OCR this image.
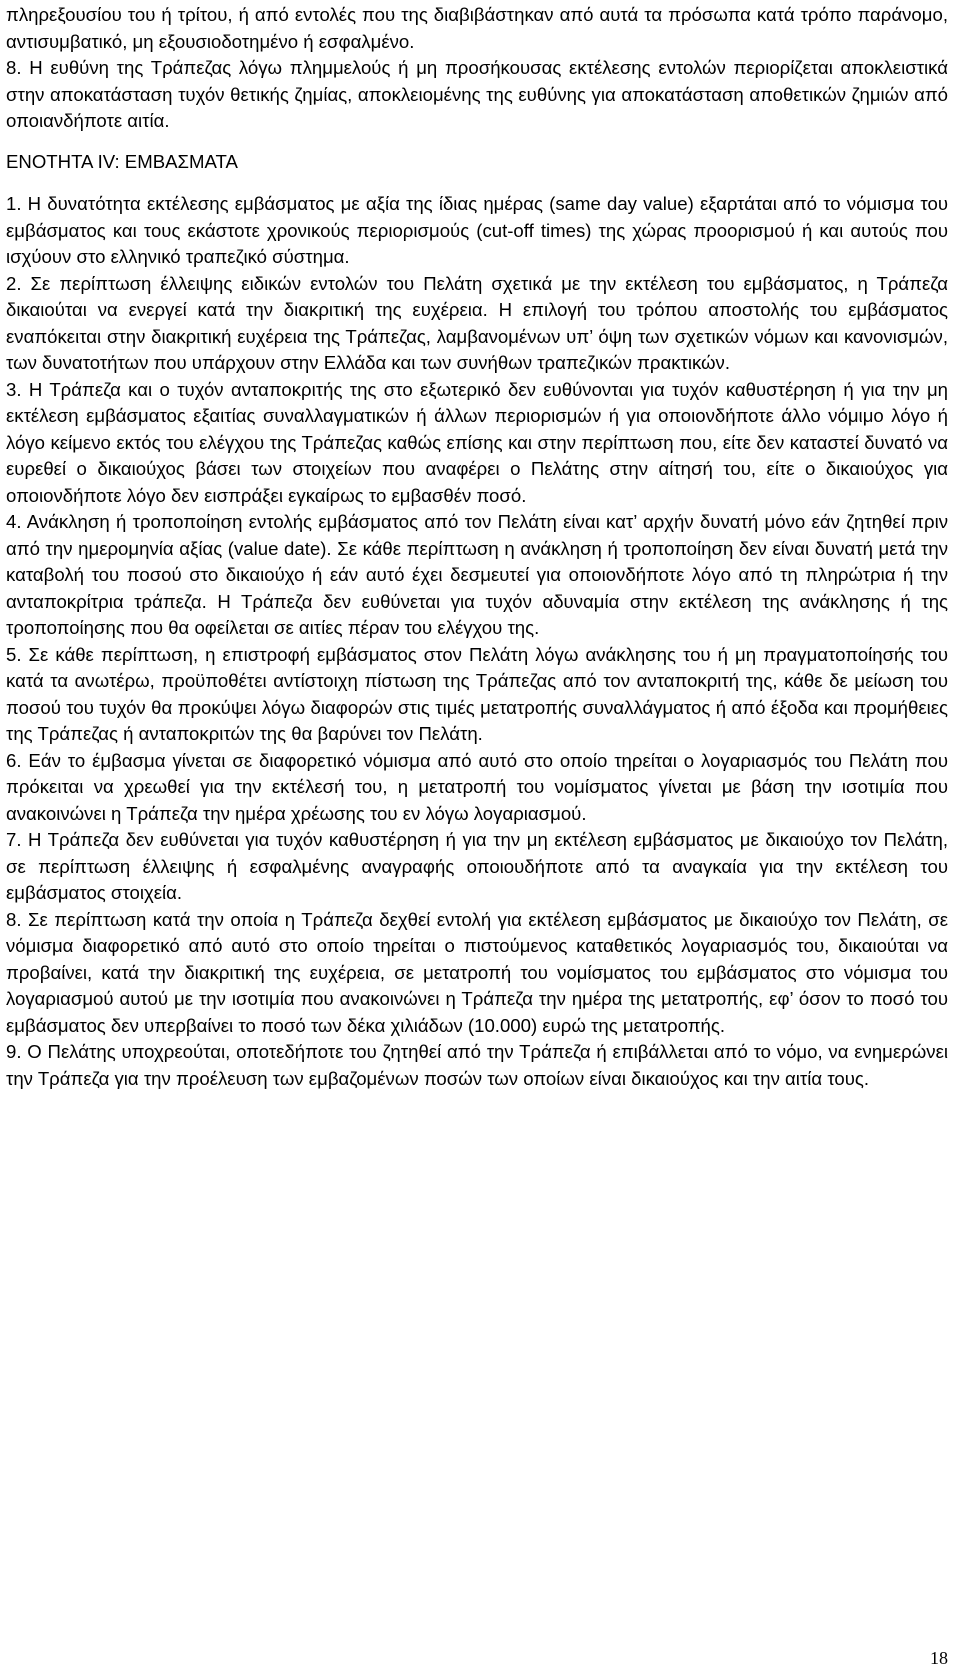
πληρεξουσίου του ή τρίτου, ή από εντολές που της διαβιβάστηκαν από αυτά τα πρόσωπα κατά τρόπο παράνομο, αντισυμβατικό, μη εξουσιοδοτημένο ή εσφαλμένο.

8. Η ευθύνη της Τράπεζας λόγω πλημμελούς ή μη προσήκουσας εκτέλεσης εντολών περιορίζεται αποκλειστικά στην αποκατάσταση τυχόν θετικής ζημίας, αποκλειομένης της ευθύνης για αποκατάσταση αποθετικών ζημιών από οποιανδήποτε αιτία.

ΕΝΟΤΗΤΑ IV: ΕΜΒΑΣΜΑΤΑ

1. Η δυνατότητα εκτέλεσης εμβάσματος με αξία της ίδιας ημέρας (same day value) εξαρτάται από το νόμισμα του εμβάσματος και τους εκάστοτε χρονικούς περιορισμούς (cut-off times) της χώρας προορισμού ή και αυτούς που ισχύουν στο ελληνικό τραπεζικό σύστημα.

2. Σε περίπτωση έλλειψης ειδικών εντολών του Πελάτη σχετικά με την εκτέλεση του εμβάσματος, η Τράπεζα δικαιούται να ενεργεί κατά την διακριτική της ευχέρεια. Η επιλογή του τρόπου αποστολής του εμβάσματος εναπόκειται στην διακριτική ευχέρεια της Τράπεζας, λαμβανομένων υπ’ όψη των σχετικών νόμων και κανονισμών, των δυνατοτήτων που υπάρχουν στην Ελλάδα και των συνήθων τραπεζικών πρακτικών.

3. Η Τράπεζα και ο τυχόν ανταποκριτής της στο εξωτερικό δεν ευθύνονται για τυχόν καθυστέρηση ή για την μη εκτέλεση εμβάσματος εξαιτίας συναλλαγματικών ή άλλων περιορισμών ή για οποιονδήποτε άλλο νόμιμο λόγο ή λόγο κείμενο εκτός του ελέγχου της Τράπεζας καθώς επίσης και στην περίπτωση που, είτε δεν καταστεί δυνατό να ευρεθεί ο δικαιούχος βάσει των στοιχείων που αναφέρει ο Πελάτης στην αίτησή του, είτε ο δικαιούχος για οποιονδήποτε λόγο δεν εισπράξει εγκαίρως το εμβασθέν ποσό.

4. Ανάκληση ή τροποποίηση εντολής εμβάσματος από τον Πελάτη είναι κατ’ αρχήν δυνατή μόνο εάν ζητηθεί πριν από την ημερομηνία αξίας (value date). Σε κάθε περίπτωση η ανάκληση ή τροποποίηση δεν είναι δυνατή μετά την καταβολή του ποσού στο δικαιούχο ή εάν αυτό έχει δεσμευτεί για οποιονδήποτε λόγο από τη πληρώτρια ή την ανταποκρίτρια τράπεζα. Η Τράπεζα δεν ευθύνεται για τυχόν αδυναμία στην εκτέλεση της ανάκλησης ή της τροποποίησης που θα οφείλεται σε αιτίες πέραν του ελέγχου της.

5. Σε κάθε περίπτωση, η επιστροφή εμβάσματος στον Πελάτη λόγω ανάκλησης του ή μη πραγματοποίησής του κατά τα ανωτέρω, προϋποθέτει αντίστοιχη πίστωση της Τράπεζας από τον ανταποκριτή της, κάθε δε μείωση του ποσού του τυχόν θα προκύψει λόγω διαφορών στις τιμές μετατροπής συναλλάγματος ή από έξοδα και προμήθειες της Τράπεζας ή ανταποκριτών της θα βαρύνει τον Πελάτη.

6. Εάν το έμβασμα γίνεται σε διαφορετικό νόμισμα από αυτό στο οποίο τηρείται ο λογαριασμός του Πελάτη που πρόκειται να χρεωθεί για την εκτέλεσή του, η μετατροπή του νομίσματος γίνεται με βάση την ισοτιμία που ανακοινώνει η Τράπεζα την ημέρα χρέωσης του εν λόγω λογαριασμού.

7. Η Τράπεζα δεν ευθύνεται για τυχόν καθυστέρηση ή για την μη εκτέλεση εμβάσματος με δικαιούχο τον Πελάτη, σε περίπτωση έλλειψης ή εσφαλμένης αναγραφής οποιουδήποτε από τα αναγκαία για την εκτέλεση του εμβάσματος στοιχεία.

8. Σε περίπτωση κατά την οποία η Τράπεζα δεχθεί εντολή για εκτέλεση εμβάσματος με δικαιούχο τον Πελάτη, σε νόμισμα διαφορετικό από αυτό στο οποίο τηρείται ο πιστούμενος καταθετικός λογαριασμός του, δικαιούται να προβαίνει, κατά την διακριτική της ευχέρεια, σε μετατροπή του νομίσματος του εμβάσματος στο νόμισμα του λογαριασμού αυτού με την ισοτιμία που ανακοινώνει η Τράπεζα την ημέρα της μετατροπής, εφ’ όσον το ποσό του εμβάσματος δεν υπερβαίνει το ποσό των δέκα χιλιάδων (10.000) ευρώ της μετατροπής.

9. Ο Πελάτης υποχρεούται, οποτεδήποτε του ζητηθεί από την Τράπεζα ή επιβάλλεται από το νόμο, να ενημερώνει την Τράπεζα για την προέλευση των εμβαζομένων ποσών των οποίων είναι δικαιούχος και την αιτία τους.

18
